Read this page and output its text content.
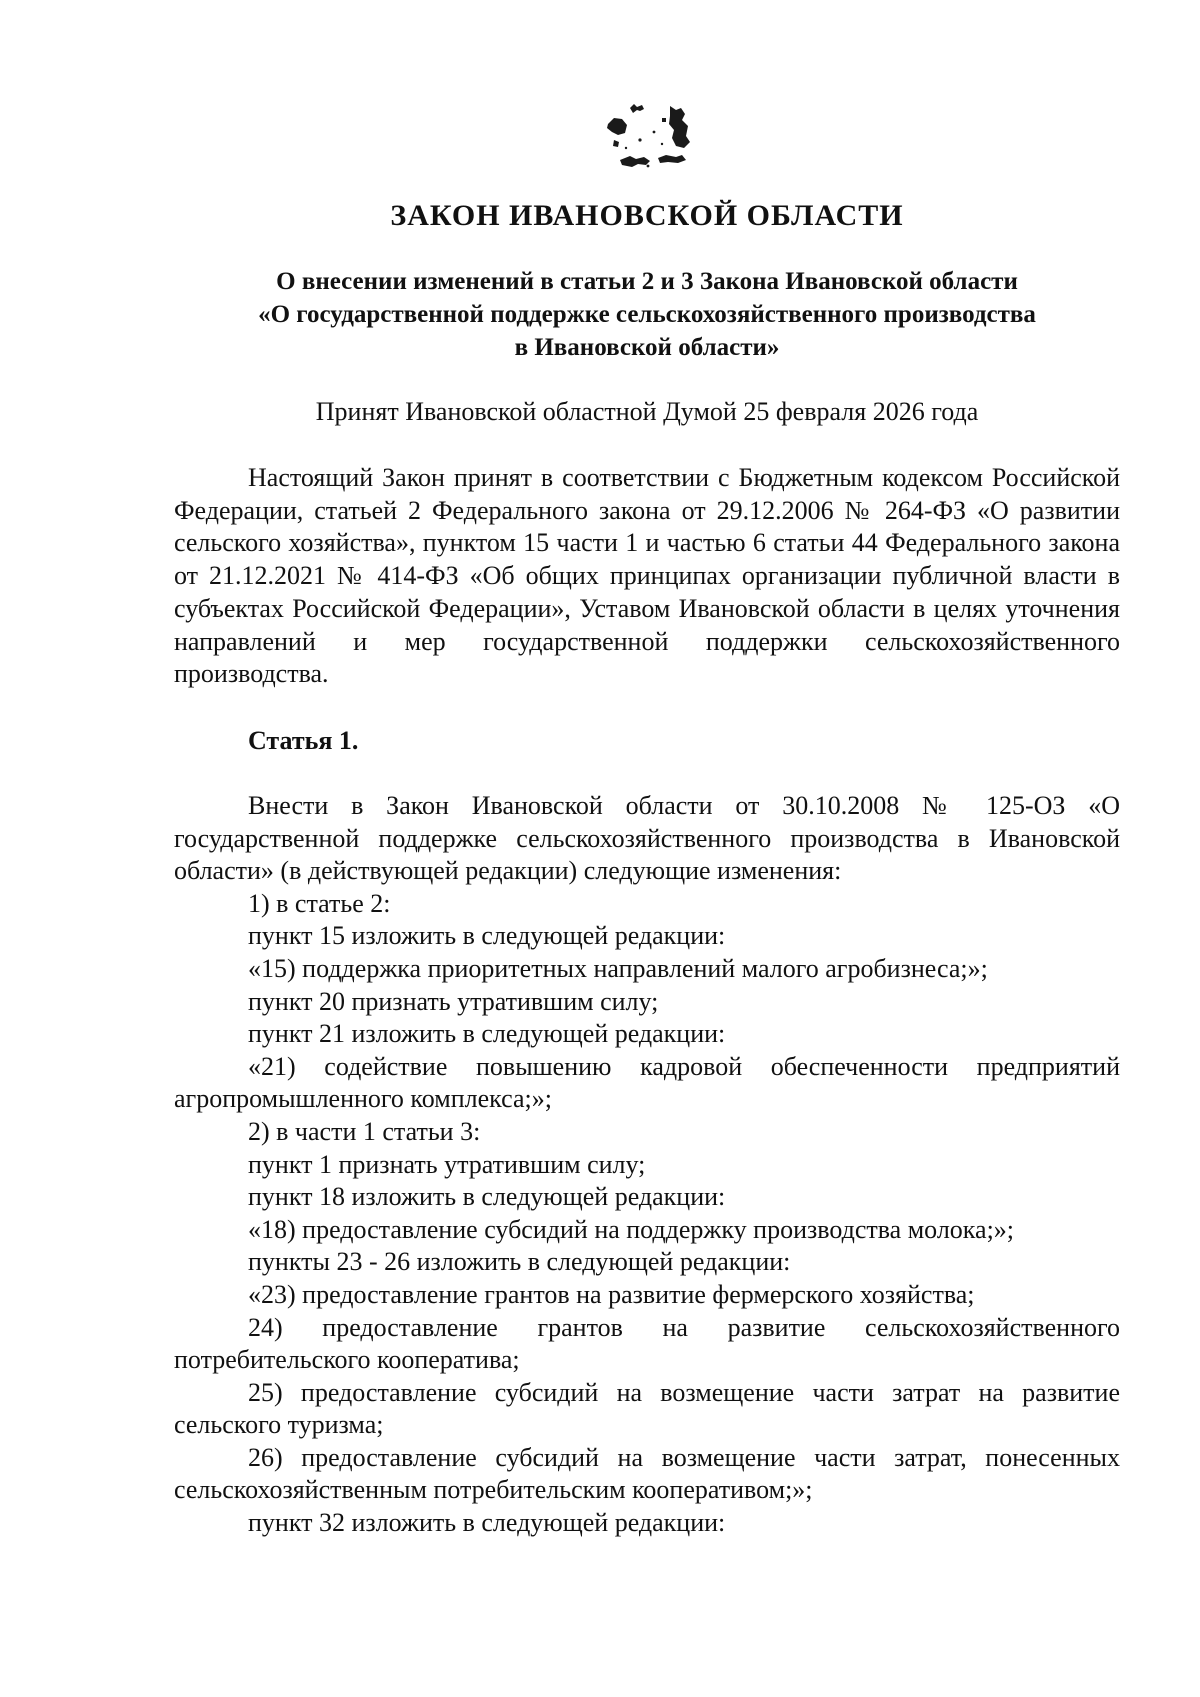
ЗАКОН ИВАНОВСКОЙ ОБЛАСТИ
О внесении изменений в статьи 2 и 3 Закона Ивановской области
«О государственной поддержке сельскохозяйственного производства
в Ивановской области»
Принят Ивановской областной Думой 25 февраля 2026 года

Настоящий Закон принят в соответствии с Бюджетным кодексом Российской Федерации, статьей 2 Федерального закона от 29.12.2006 № 264-ФЗ «О развитии сельского хозяйства», пунктом 15 части 1 и частью 6 статьи 44 Федерального закона от 21.12.2021 № 414-ФЗ «Об общих принципах организации публичной власти в субъектах Российской Федерации», Уставом Ивановской области в целях уточнения направлений и мер государственной поддержки сельскохозяйственного производства.

Статья 1.

Внести в Закон Ивановской области от 30.10.2008 № 125-ОЗ «О государственной поддержке сельскохозяйственного производства в Ивановской области» (в действующей редакции) следующие изменения:

1) в статье 2:

пункт 15 изложить в следующей редакции:

«15) поддержка приоритетных направлений малого агробизнеса;»;

пункт 20 признать утратившим силу;

пункт 21 изложить в следующей редакции:

«21) содействие повышению кадровой обеспеченности предприятий агропромышленного комплекса;»;

2) в части 1 статьи 3:

пункт 1 признать утратившим силу;

пункт 18 изложить в следующей редакции:

«18) предоставление субсидий на поддержку производства молока;»;

пункты 23 - 26 изложить в следующей редакции:

«23) предоставление грантов на развитие фермерского хозяйства;

24) предоставление грантов на развитие сельскохозяйственного потребительского кооператива;

25) предоставление субсидий на возмещение части затрат на развитие сельского туризма;

26) предоставление субсидий на возмещение части затрат, понесенных сельскохозяйственным потребительским кооперативом;»;

пункт 32 изложить в следующей редакции:
